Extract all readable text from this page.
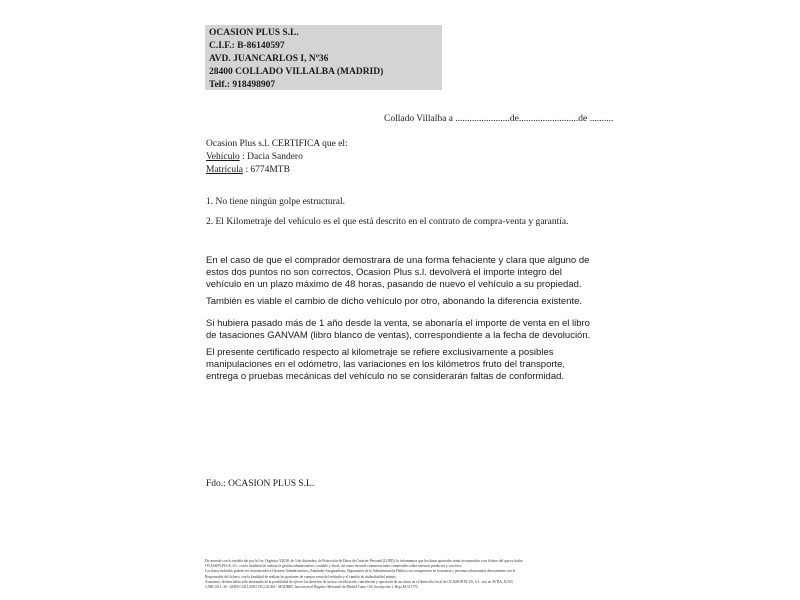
OCASION PLUS S.L.
C.I.F.: B-86140597
AVD. JUANCARLOS I, Nº36
28400 COLLADO VILLALBA (MADRID)
Telf.: 918498907
Collado Villalba a .......................de.........................de ..........
Ocasion Plus s.l. CERTIFICA que el:
Vehículo : Dacia Sandero
Matrícula : 6774MTB
1. No tiene ningún golpe estructural.
2. El Kilometraje del vehículo es el que está descrito en el contrato de compra-venta y garantía.
En el caso de que el comprador demostrara de una forma fehaciente y clara que alguno de estos dos puntos no son correctos, Ocasion Plus s.l. devolverá el importe integro del vehículo en un plazo máximo de 48 horas, pasando de nuevo el vehículo a su propiedad.
También es viable el cambio de dicho vehículo por otro, abonando la diferencia existente.
Si hubiera pasado más de 1 año desde la venta, se abonaría el importe de venta en el libro de tasaciones GANVAM (libro blanco de ventas), correspondiente a la fecha de devolución.
El presente certificado respecto al kilometraje se refiere exclusivamente a posibles manipulaciones en el odómetro, las variaciones en los kilómetros fruto del transporte, entrega o pruebas mecánicas del vehículo no se considerarán faltas de conformidad.
Fdo.: OCASION PLUS S.L.
De acuerdo con lo establecido por la Ley Orgánica 3/2018, de 5 de diciembre, de Protección de Datos de Carácter Personal (LOPD), le informamos que los datos aportados serán incorporados a un fichero del que es titular
OCASION PLUS, S.L. con la finalidad de realizar la gestión administrativa, contable y fiscal, así como enviarle comunicaciones comerciales sobre nuestros productos y servicios.
Los datos incluidos podrán ser comunicados a Gestores Administrativos, Entidades Aseguradoras, Organismos de la Administración Pública con competencia en la materia y personas relacionadas directamente con el
Responsable del fichero, con la finalidad de realizar las gestiones de compra venta del vehículo y el cambio de titularidad del mismo.
Asimismo, declara haber sido informado de la posibilidad de ejercer los derechos de acceso, rectificación, cancelación y oposición de sus datos en el domicilio fiscal de OCASION PLUS, S.L. sito en AVDA. JUAN
CARLOS I, 36 - 28400 COLLADO VILLALBA - MADRID. Inscrita en el Registro Mercantil de Madrid Tomo 130, Inscripción 1, Hoja M 511770.
